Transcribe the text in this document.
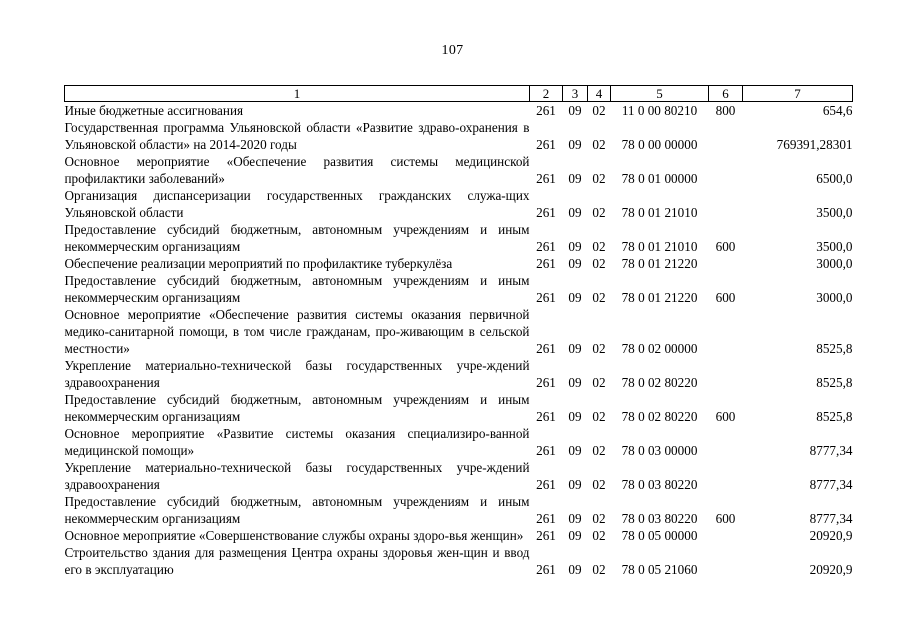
107
1	2	3	4	5	6	7
Иные бюджетные ассигнования	261	09	02	11 0 00 80210	800	654,6
Государственная программа Ульяновской области «Развитие здраво-охранения в Ульяновской области» на 2014-2020 годы	261	09	02	78 0 00 00000		769391,28301
Основное мероприятие «Обеспечение развития системы медицинской профилактики заболеваний»	261	09	02	78 0 01 00000		6500,0
Организация диспансеризации государственных гражданских служа-щих Ульяновской области	261	09	02	78 0 01 21010		3500,0
Предоставление субсидий бюджетным, автономным учреждениям и иным некоммерческим организациям	261	09	02	78 0 01 21010	600	3500,0
Обеспечение реализации мероприятий по профилактике туберкулёза	261	09	02	78 0 01 21220		3000,0
Предоставление субсидий бюджетным, автономным учреждениям и иным некоммерческим организациям	261	09	02	78 0 01 21220	600	3000,0
Основное мероприятие «Обеспечение развития системы оказания первичной медико-санитарной помощи, в том числе гражданам, про-живающим в сельской местности»	261	09	02	78 0 02 00000		8525,8
Укрепление материально-технической базы государственных учре-ждений здравоохранения	261	09	02	78 0 02 80220		8525,8
Предоставление субсидий бюджетным, автономным учреждениям и иным некоммерческим организациям	261	09	02	78 0 02 80220	600	8525,8
Основное мероприятие «Развитие системы оказания специализиро-ванной медицинской помощи»	261	09	02	78 0 03 00000		8777,34
Укрепление материально-технической базы государственных учре-ждений здравоохранения	261	09	02	78 0 03 80220		8777,34
Предоставление субсидий бюджетным, автономным учреждениям и иным некоммерческим организациям	261	09	02	78 0 03 80220	600	8777,34
Основное мероприятие «Совершенствование службы охраны здоро-вья женщин»	261	09	02	78 0 05 00000		20920,9
Строительство здания для размещения Центра охраны здоровья жен-щин и ввод его в эксплуатацию	261	09	02	78 0 05 21060		20920,9
